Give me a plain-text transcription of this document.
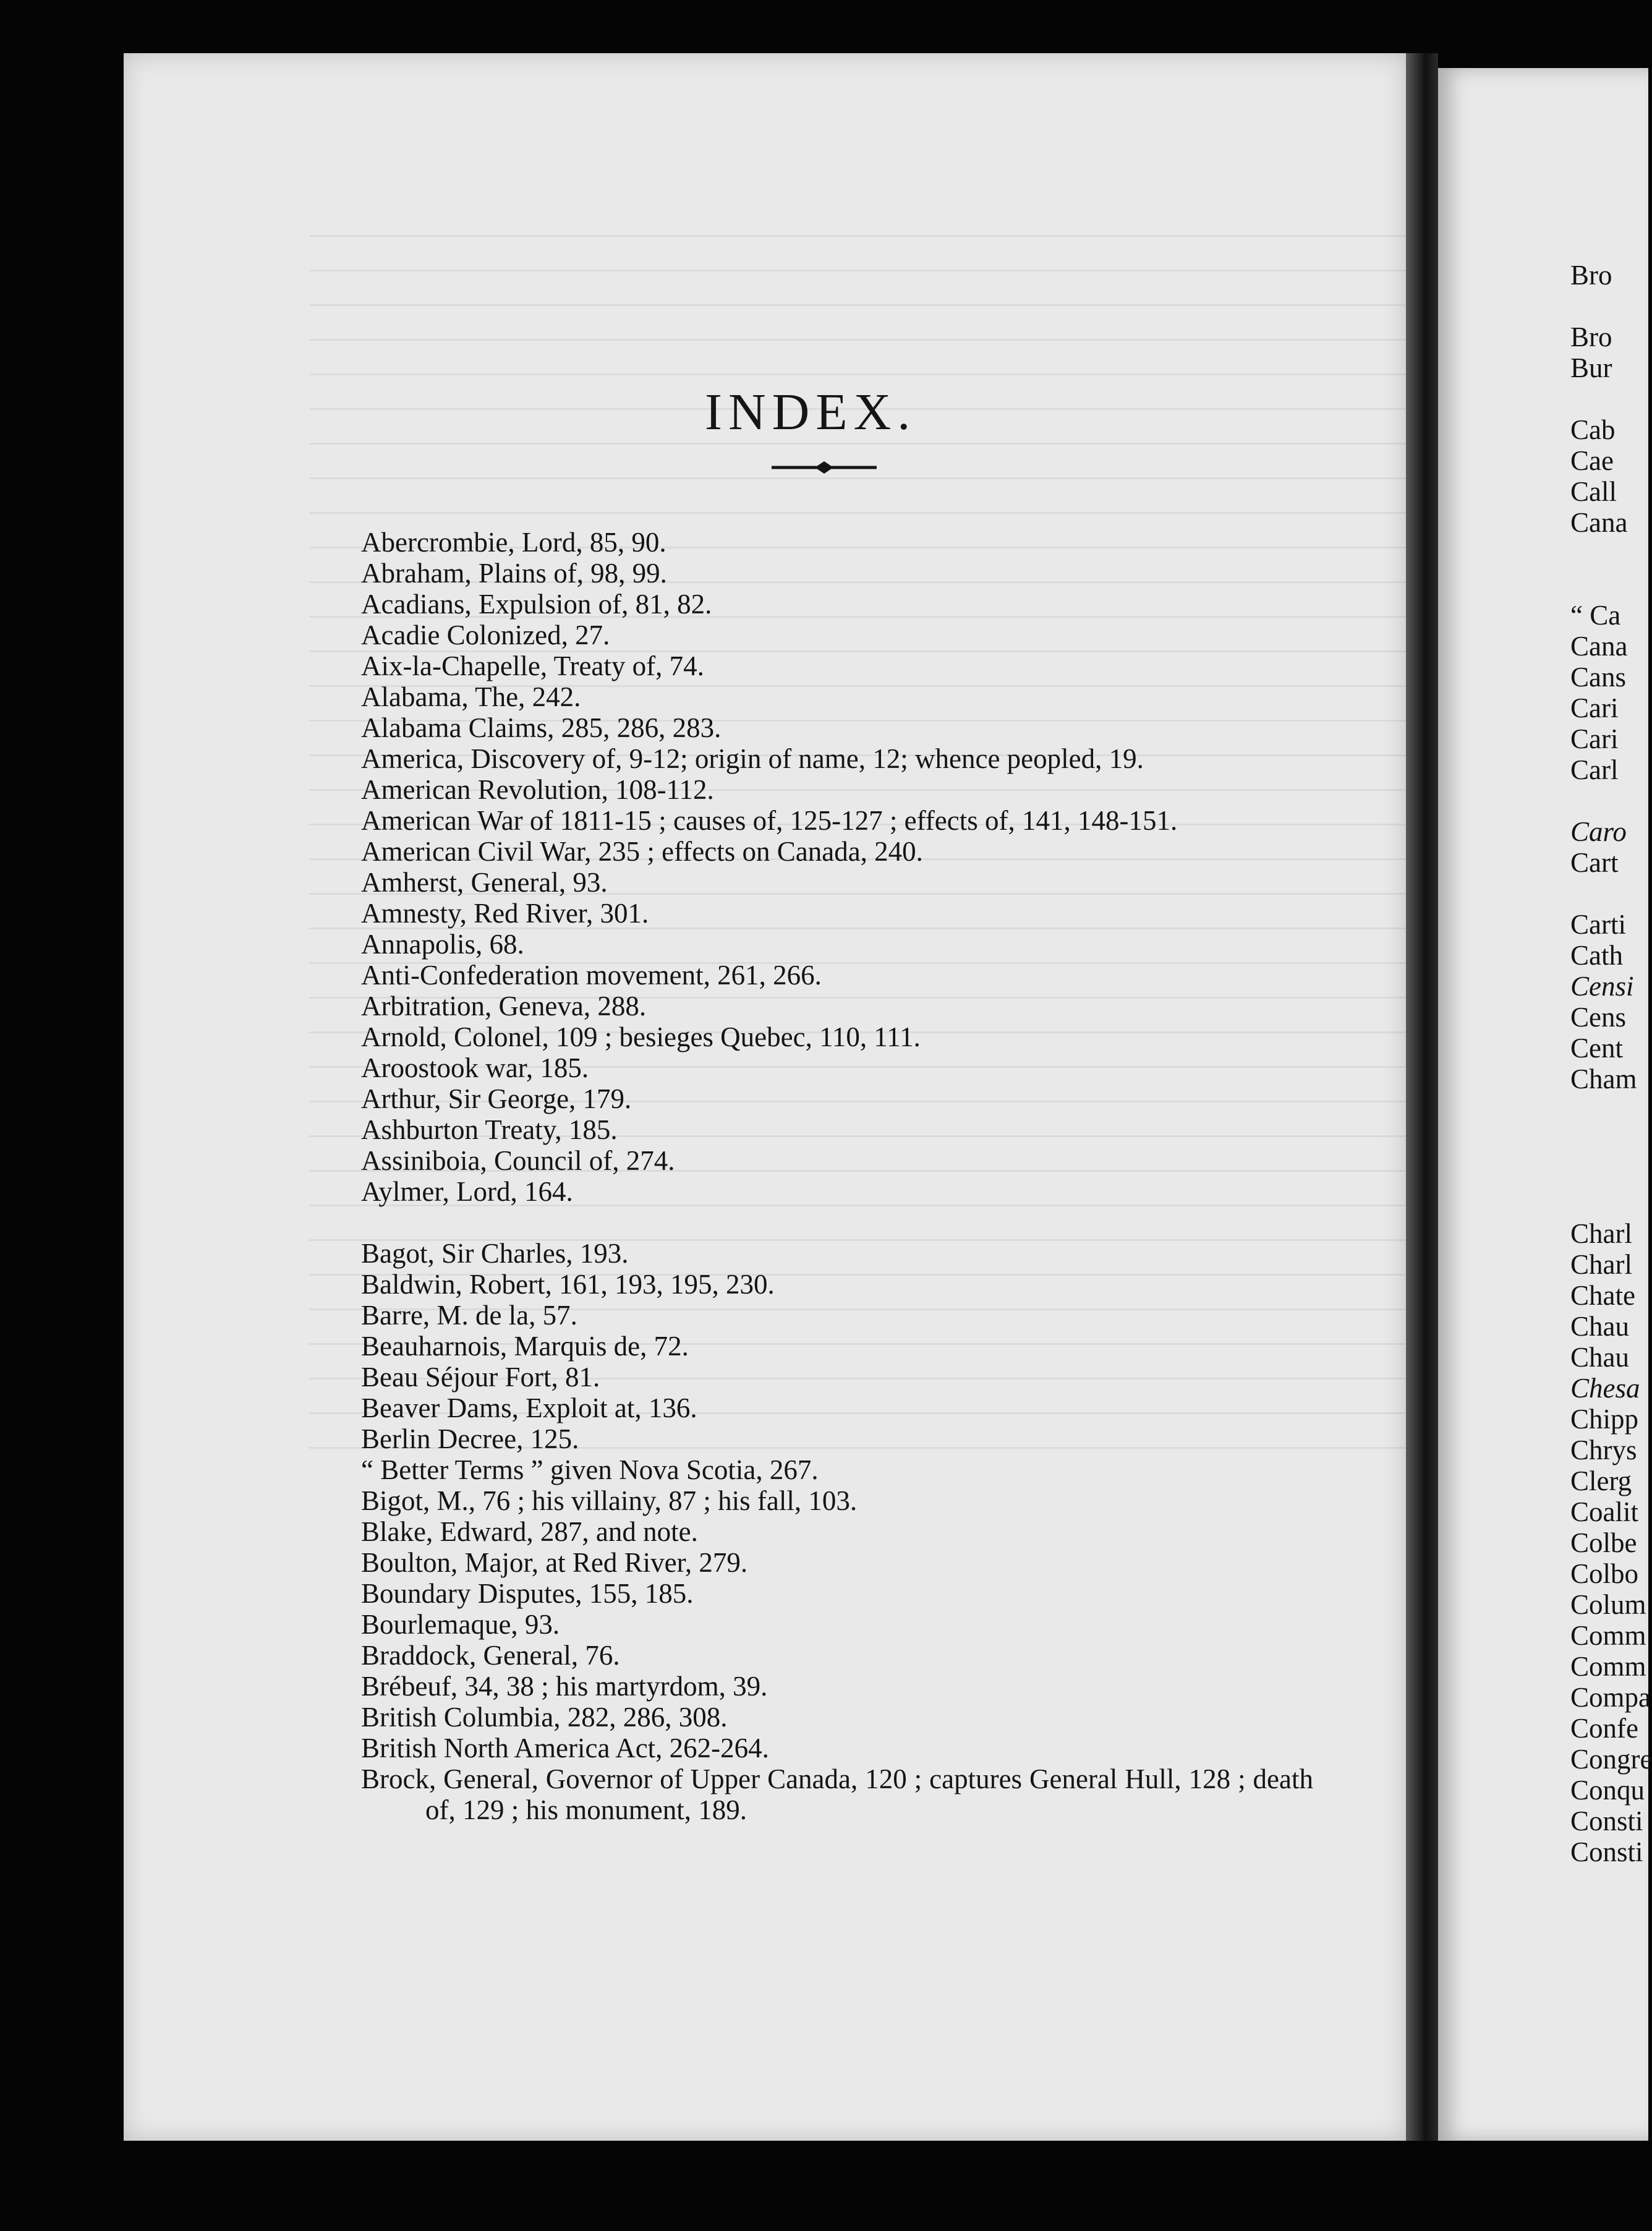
INDEX.

Abercrombie, Lord, 85, 90.

Abraham, Plains of, 98, 99.

Acadians, Expulsion of, 81, 82.

Acadie Colonized, 27.

Aix-la-Chapelle, Treaty of, 74.

Alabama, The, 242.

Alabama Claims, 285, 286, 283.

America, Discovery of, 9-12; origin of name, 12; whence peopled, 19.

American Revolution, 108-112.

American War of 1811-15 ; causes of, 125-127 ; effects of, 141, 148-151.

American Civil War, 235 ; effects on Canada, 240.

Amherst, General, 93.

Amnesty, Red River, 301.

Annapolis, 68.

Anti-Confederation movement, 261, 266.

Arbitration, Geneva, 288.

Arnold, Colonel, 109 ; besieges Quebec, 110, 111.

Aroostook war, 185.

Arthur, Sir George, 179.

Ashburton Treaty, 185.

Assiniboia, Council of, 274.

Aylmer, Lord, 164.

Bagot, Sir Charles, 193.

Baldwin, Robert, 161, 193, 195, 230.

Barre, M. de la, 57.

Beauharnois, Marquis de, 72.

Beau Séjour Fort, 81.

Beaver Dams, Exploit at, 136.

Berlin Decree, 125.

“ Better Terms ” given Nova Scotia, 267.

Bigot, M., 76 ; his villainy, 87 ; his fall, 103.

Blake, Edward, 287, and note.

Boulton, Major, at Red River, 279.

Boundary Disputes, 155, 185.

Bourlemaque, 93.

Braddock, General, 76.

Brébeuf, 34, 38 ; his martyrdom, 39.

British Columbia, 282, 286, 308.

British North America Act, 262-264.

Brock, General, Governor of Upper Canada, 120 ; captures General Hull, 128 ; death of, 129 ; his monument, 189.

Bro

Bro

Bur

Cab

Cae

Call

Cana

“ Ca

Cana

Cans

Cari

Cari

Carl

Caro

Cart

Carti

Cath

Censi

Cens

Cent

Cham

Charl

Charl

Chate

Chau

Chau

Chesa

Chipp

Chrys

Clerg

Coalit

Colbe

Colbo

Colum

Comm

Comm

Compa

Confe

Congre

Conqu

Consti

Consti
